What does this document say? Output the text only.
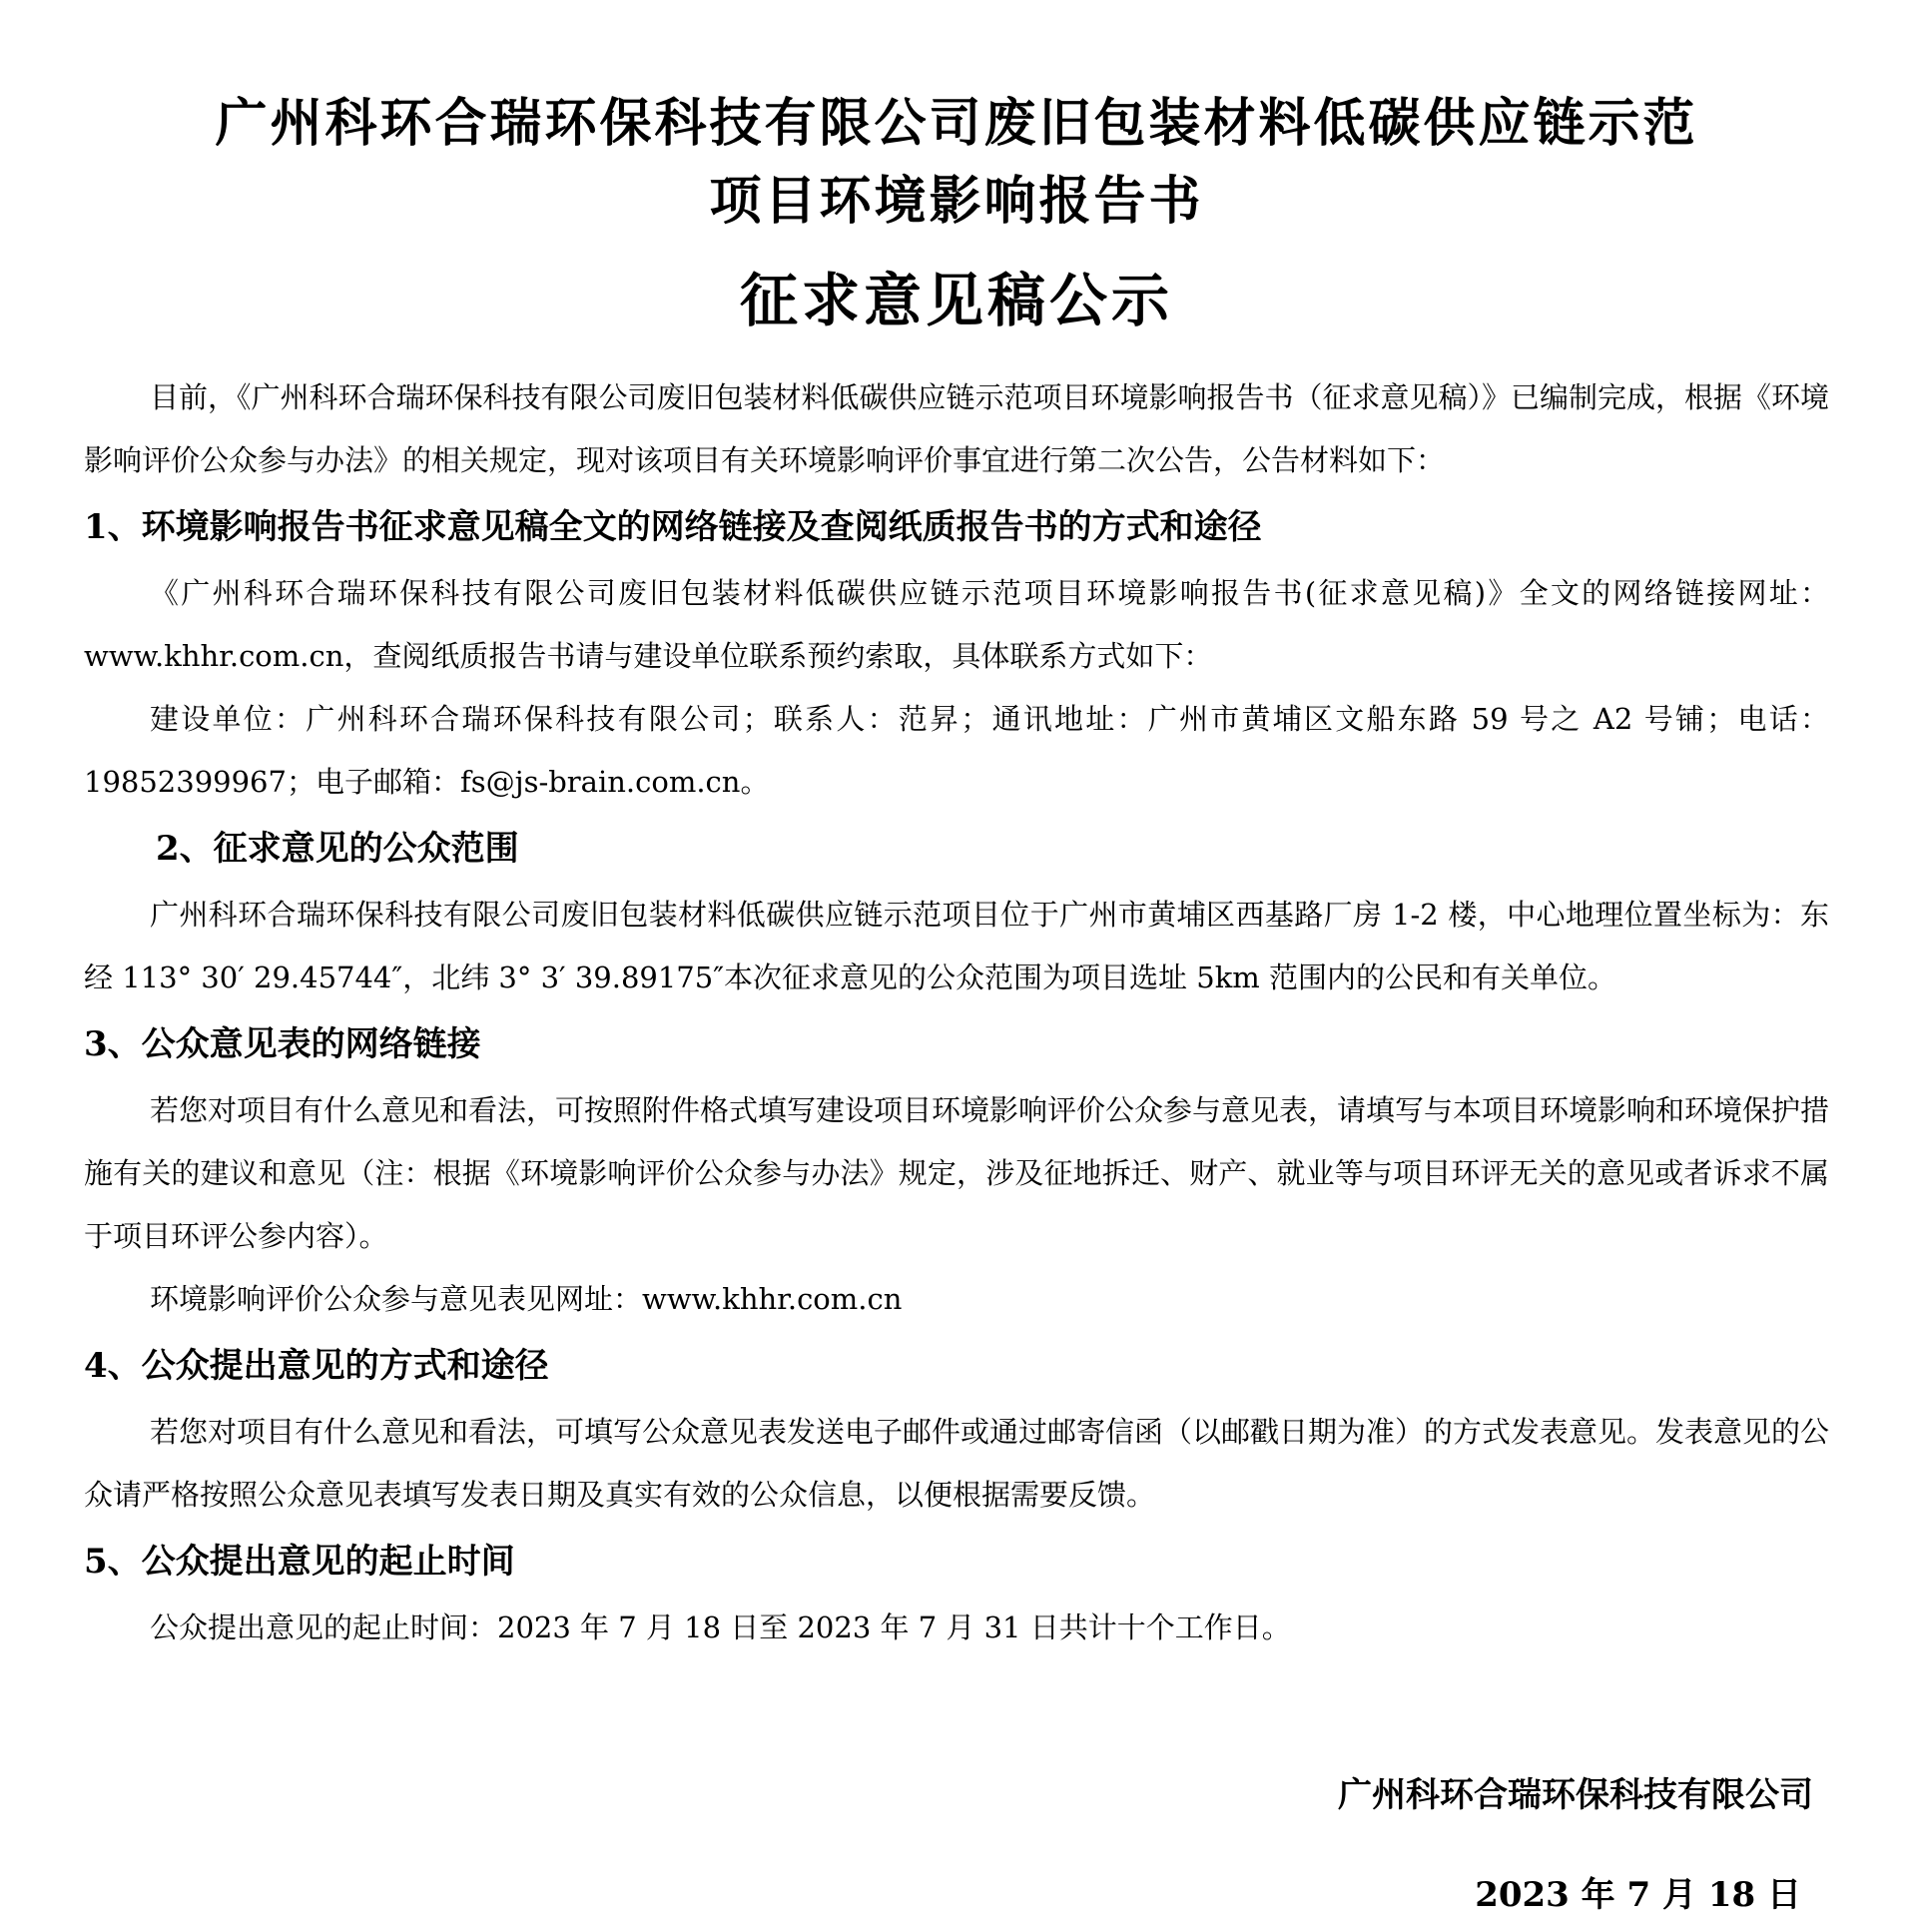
广州科环合瑞环保科技有限公司废旧包装材料低碳供应链示范
项目环境影响报告书
征求意见稿公示

目前，《广州科环合瑞环保科技有限公司废旧包装材料低碳供应链示范项目环境影响报告书（征求意见稿）》已编制完成，根据《环境影响评价公众参与办法》的相关规定，现对该项目有关环境影响评价事宜进行第二次公告，公告材料如下：

1、环境影响报告书征求意见稿全文的网络链接及查阅纸质报告书的方式和途径

《广州科环合瑞环保科技有限公司废旧包装材料低碳供应链示范项目环境影响报告书(征求意见稿)》全文的网络链接网址：www.khhr.com.cn，查阅纸质报告书请与建设单位联系预约索取，具体联系方式如下：

建设单位：广州科环合瑞环保科技有限公司；联系人：范昇；通讯地址：广州市黄埔区文船东路 59 号之 A2 号铺；电话：19852399967；电子邮箱：fs@js-brain.com.cn。

2、征求意见的公众范围

广州科环合瑞环保科技有限公司废旧包装材料低碳供应链示范项目位于广州市黄埔区西基路厂房 1-2 楼，中心地理位置坐标为：东经 113° 30′ 29.45744″，北纬 3° 3′ 39.89175″本次征求意见的公众范围为项目选址 5km 范围内的公民和有关单位。

3、公众意见表的网络链接

若您对项目有什么意见和看法，可按照附件格式填写建设项目环境影响评价公众参与意见表，请填写与本项目环境影响和环境保护措施有关的建议和意见（注：根据《环境影响评价公众参与办法》规定，涉及征地拆迁、财产、就业等与项目环评无关的意见或者诉求不属于项目环评公参内容）。

环境影响评价公众参与意见表见网址：www.khhr.com.cn

4、公众提出意见的方式和途径

若您对项目有什么意见和看法，可填写公众意见表发送电子邮件或通过邮寄信函（以邮戳日期为准）的方式发表意见。发表意见的公众请严格按照公众意见表填写发表日期及真实有效的公众信息，以便根据需要反馈。

5、公众提出意见的起止时间

公众提出意见的起止时间：2023 年 7 月 18 日至 2023 年 7 月 31 日共计十个工作日。

广州科环合瑞环保科技有限公司
2023 年 7 月 18 日
